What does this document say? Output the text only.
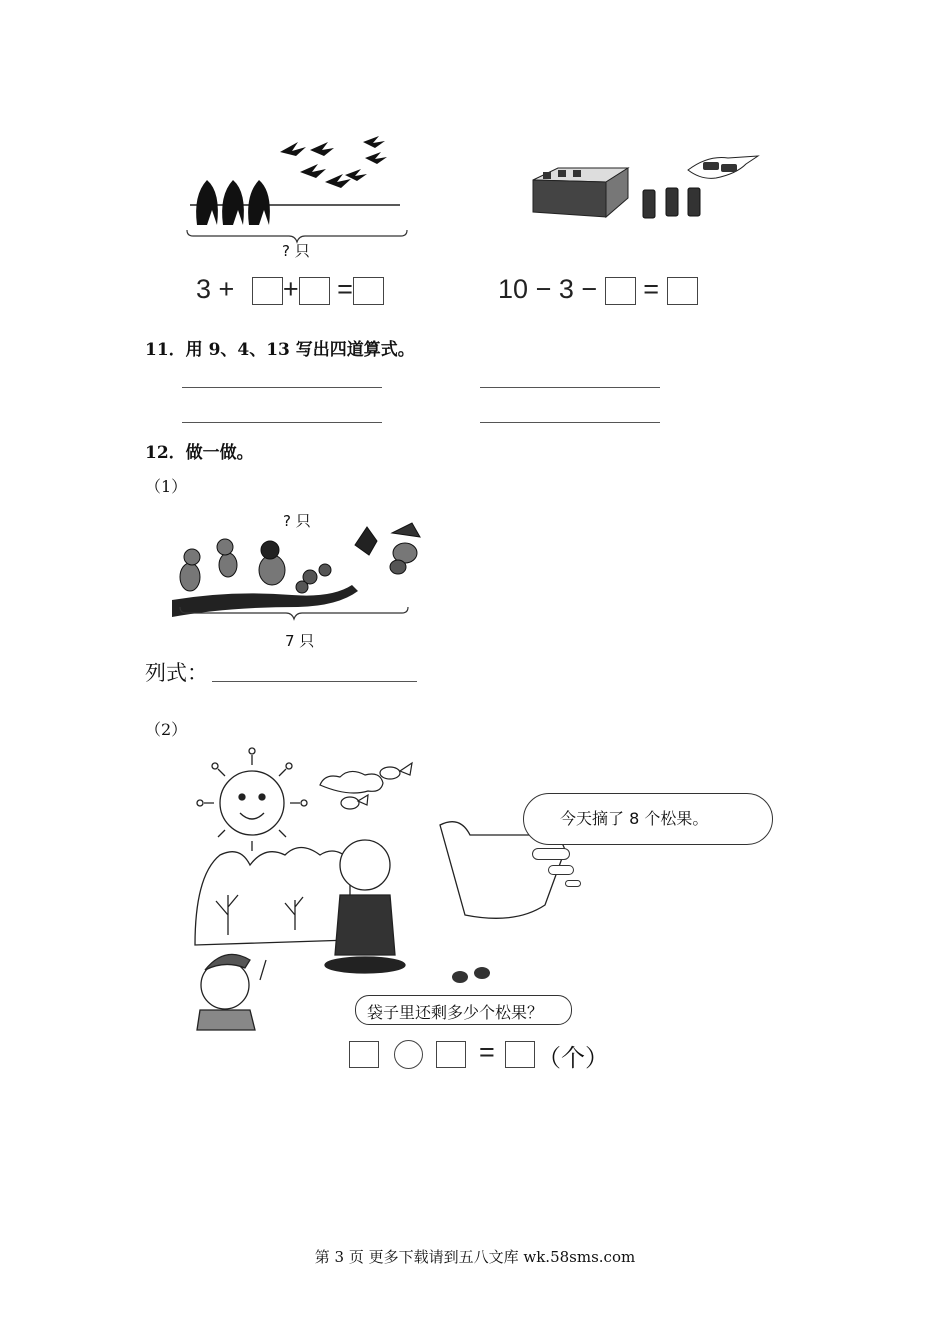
? 只
3 + + =	10 − 3 − =
11．用 9、4、13 写出四道算式。
12．做一做。
（1）
? 只
7 只
列式：
（2）
今天摘了 8 个松果。
袋子里还剩多少个松果？
= （个）
第 3 页 更多下载请到五八文库 wk.58sms.com
